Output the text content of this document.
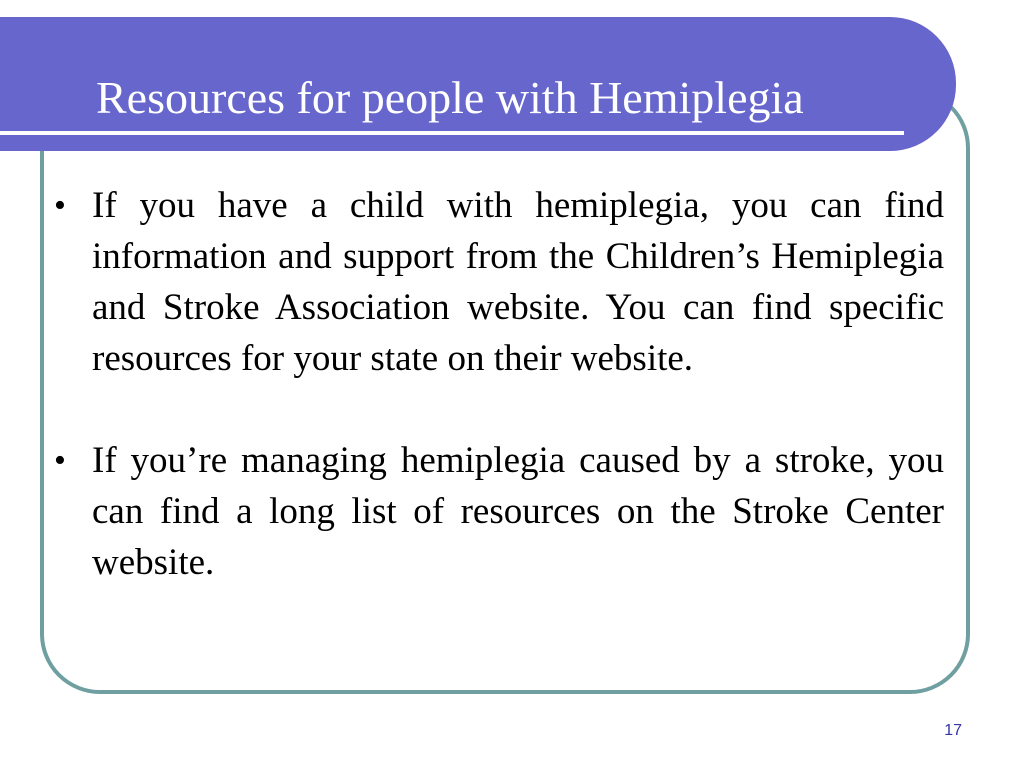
Resources for people with Hemiplegia
• If you have a child with hemiplegia, you can find information and support from the Children’s Hemiplegia and Stroke Association website. You can find specific resources for your state on their website.
• If you’re managing hemiplegia caused by a stroke, you can find a long list of resources on the Stroke Center website.
17
